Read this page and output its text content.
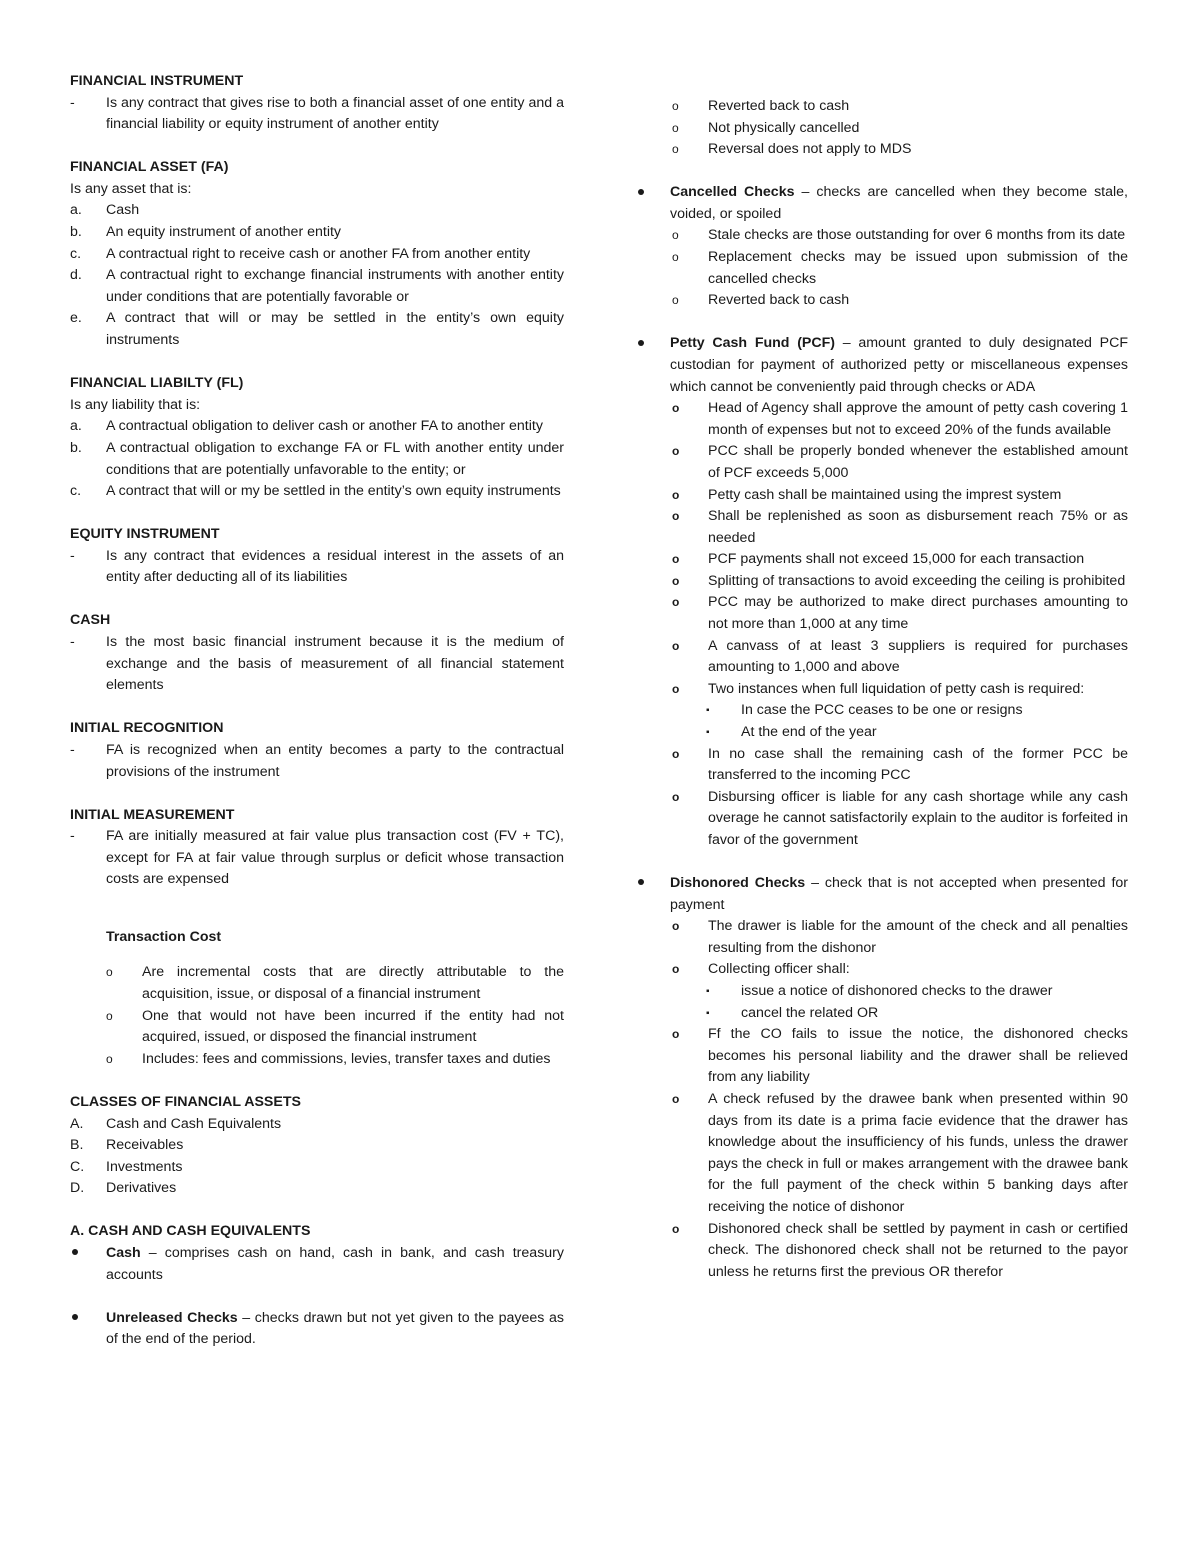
FINANCIAL INSTRUMENT

-	Is any contract that gives rise to both a financial asset of one entity and a financial liability or equity instrument of another entity

FINANCIAL ASSET (FA)

Is any asset that is:

a.	Cash
b.	An equity instrument of another entity
c.	A contractual right to receive cash or another FA from another entity
d.	A contractual right to exchange financial instruments with another entity under conditions that are potentially favorable or
e.	A contract that will or may be settled in the entity’s own equity instruments

FINANCIAL LIABILTY (FL)

Is any liability that is:

a.	A contractual obligation to deliver cash or another FA to another entity
b.	A contractual obligation to exchange FA or FL with another entity under conditions that are potentially unfavorable to the entity; or
c.	A contract that will or my be settled in the entity’s own equity instruments

EQUITY INSTRUMENT

-	Is any contract that evidences a residual interest in the assets of an entity after deducting all of its liabilities

CASH

-	Is the most basic financial instrument because it is the medium of exchange and the basis of measurement of all financial statement elements

INITIAL RECOGNITION

-	FA is recognized when an entity becomes a party to the contractual provisions of the instrument

INITIAL MEASUREMENT

-	FA are initially measured at fair value plus transaction cost (FV + TC), except for FA at fair value through surplus or deficit whose transaction costs are expensed

Transaction Cost

o	Are incremental costs that are directly attributable to the acquisition, issue, or disposal of a financial instrument
o	One that would not have been incurred if the entity had not acquired, issued, or disposed the financial instrument
o	Includes: fees and commissions, levies, transfer taxes and duties

CLASSES OF FINANCIAL ASSETS

A.	Cash and Cash Equivalents
B.	Receivables
C.	Investments
D.	Derivatives

A. CASH AND CASH EQUIVALENTS

Cash – comprises cash on hand, cash in bank, and cash treasury accounts
Unreleased Checks – checks drawn but not yet given to the payees as of the end of the period.
o	Reverted back to cash
o	Not physically cancelled
o	Reversal does not apply to MDS
Cancelled Checks – checks are cancelled when they become stale, voided, or spoiled
o	Stale checks are those outstanding for over 6 months from its date
o	Replacement checks may be issued upon submission of the cancelled checks
o	Reverted back to cash
Petty Cash Fund (PCF) – amount granted to duly designated PCF custodian for payment of authorized petty or miscellaneous expenses which cannot be conveniently paid through checks or ADA
o	Head of Agency shall approve the amount of petty cash covering 1 month of expenses but not to exceed 20% of the funds available
o	PCC shall be properly bonded whenever the established amount of PCF exceeds 5,000
o	Petty cash shall be maintained using the imprest system
o	Shall be replenished as soon as disbursement reach 75% or as needed
o	PCF payments shall not exceed 15,000 for each transaction
o	Splitting of transactions to avoid exceeding the ceiling is prohibited
o	PCC may be authorized to make direct purchases amounting to not more than 1,000 at any time
o	A canvass of at least 3 suppliers is required for purchases amounting to 1,000 and above
o	Two instances when full liquidation of petty cash is required:
▪	In case the PCC ceases to be one or resigns
▪	At the end of the year
o	In no case shall the remaining cash of the former PCC be transferred to the incoming PCC
o	Disbursing officer is liable for any cash shortage while any cash overage he cannot satisfactorily explain to the auditor is forfeited in favor of the government
Dishonored Checks – check that is not accepted when presented for payment
o	The drawer is liable for the amount of the check and all penalties resulting from the dishonor
o	Collecting officer shall:
▪	issue a notice of dishonored checks to the drawer
▪	cancel the related OR
o	Ff the CO fails to issue the notice, the dishonored checks becomes his personal liability and the drawer shall be relieved from any liability
o	A check refused by the drawee bank when presented within 90 days from its date is a prima facie evidence that the drawer has knowledge about the insufficiency of his funds, unless the drawer pays the check in full or makes arrangement with the drawee bank for the full payment of the check within 5 banking days after receiving the notice of dishonor
o	Dishonored check shall be settled by payment in cash or certified check. The dishonored check shall not be returned to the payor unless he returns first the previous OR therefor
